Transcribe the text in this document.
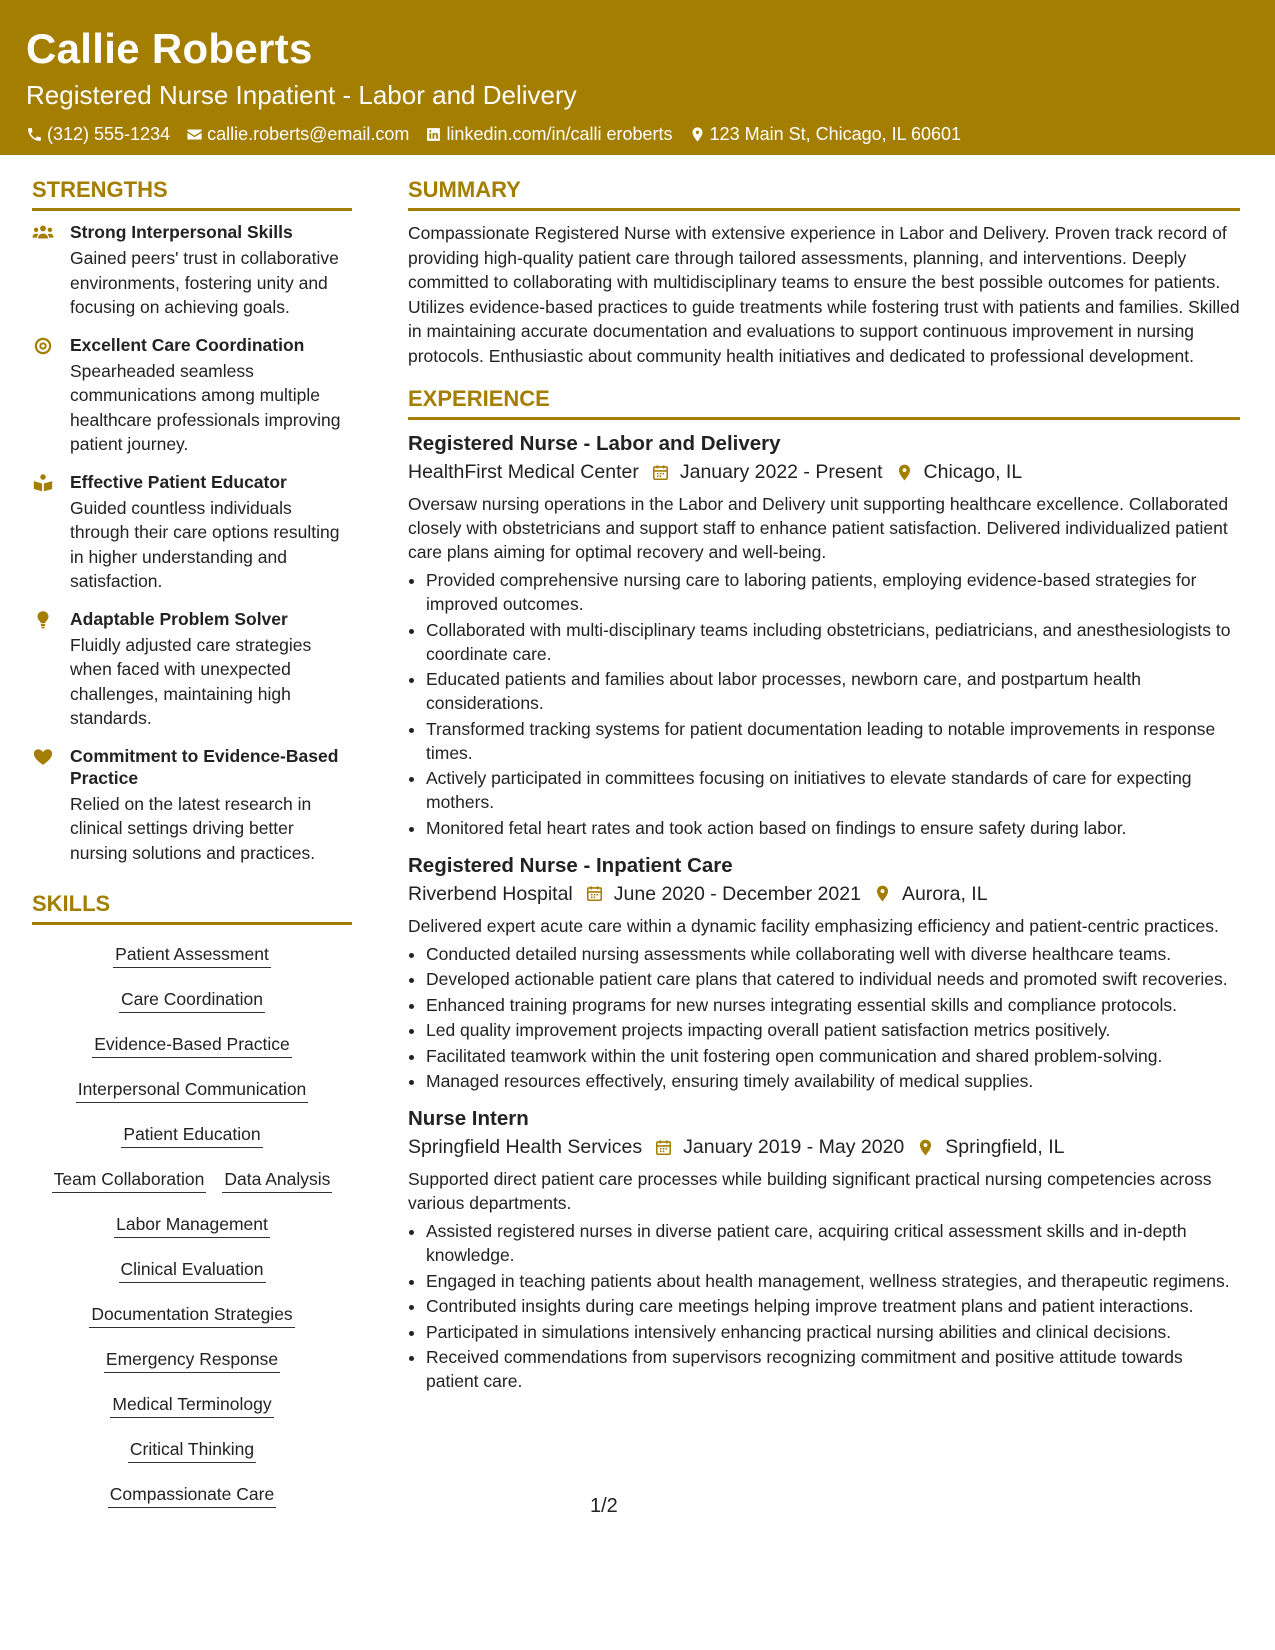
Callie Roberts
Registered Nurse Inpatient - Labor and Delivery
(312) 555-1234 callie.roberts@email.com linkedin.com/in/calli eroberts 123 Main St, Chicago, IL 60601
STRENGTHS
Strong Interpersonal Skills
Gained peers' trust in collaborative environments, fostering unity and focusing on achieving goals.
Excellent Care Coordination
Spearheaded seamless communications among multiple healthcare professionals improving patient journey.
Effective Patient Educator
Guided countless individuals through their care options resulting in higher understanding and satisfaction.
Adaptable Problem Solver
Fluidly adjusted care strategies when faced with unexpected challenges, maintaining high standards.
Commitment to Evidence-Based Practice
Relied on the latest research in clinical settings driving better nursing solutions and practices.
SKILLS
Patient Assessment
Care Coordination
Evidence-Based Practice
Interpersonal Communication
Patient Education
Team Collaboration Data Analysis
Labor Management
Clinical Evaluation
Documentation Strategies
Emergency Response
Medical Terminology
Critical Thinking
Compassionate Care
SUMMARY
Compassionate Registered Nurse with extensive experience in Labor and Delivery. Proven track record of providing high-quality patient care through tailored assessments, planning, and interventions. Deeply committed to collaborating with multidisciplinary teams to ensure the best possible outcomes for patients. Utilizes evidence-based practices to guide treatments while fostering trust with patients and families. Skilled in maintaining accurate documentation and evaluations to support continuous improvement in nursing protocols. Enthusiastic about community health initiatives and dedicated to professional development.
EXPERIENCE
Registered Nurse - Labor and Delivery
HealthFirst Medical Center January 2022 - Present Chicago, IL
Oversaw nursing operations in the Labor and Delivery unit supporting healthcare excellence. Collaborated closely with obstetricians and support staff to enhance patient satisfaction. Delivered individualized patient care plans aiming for optimal recovery and well-being.
• Provided comprehensive nursing care to laboring patients, employing evidence-based strategies for improved outcomes.
• Collaborated with multi-disciplinary teams including obstetricians, pediatricians, and anesthesiologists to coordinate care.
• Educated patients and families about labor processes, newborn care, and postpartum health considerations.
• Transformed tracking systems for patient documentation leading to notable improvements in response times.
• Actively participated in committees focusing on initiatives to elevate standards of care for expecting mothers.
• Monitored fetal heart rates and took action based on findings to ensure safety during labor.
Registered Nurse - Inpatient Care
Riverbend Hospital June 2020 - December 2021 Aurora, IL
Delivered expert acute care within a dynamic facility emphasizing efficiency and patient-centric practices.
• Conducted detailed nursing assessments while collaborating well with diverse healthcare teams.
• Developed actionable patient care plans that catered to individual needs and promoted swift recoveries.
• Enhanced training programs for new nurses integrating essential skills and compliance protocols.
• Led quality improvement projects impacting overall patient satisfaction metrics positively.
• Facilitated teamwork within the unit fostering open communication and shared problem-solving.
• Managed resources effectively, ensuring timely availability of medical supplies.
Nurse Intern
Springfield Health Services January 2019 - May 2020 Springfield, IL
Supported direct patient care processes while building significant practical nursing competencies across various departments.
• Assisted registered nurses in diverse patient care, acquiring critical assessment skills and in-depth knowledge.
• Engaged in teaching patients about health management, wellness strategies, and therapeutic regimens.
• Contributed insights during care meetings helping improve treatment plans and patient interactions.
• Participated in simulations intensively enhancing practical nursing abilities and clinical decisions.
• Received commendations from supervisors recognizing commitment and positive attitude towards patient care.
1/2
